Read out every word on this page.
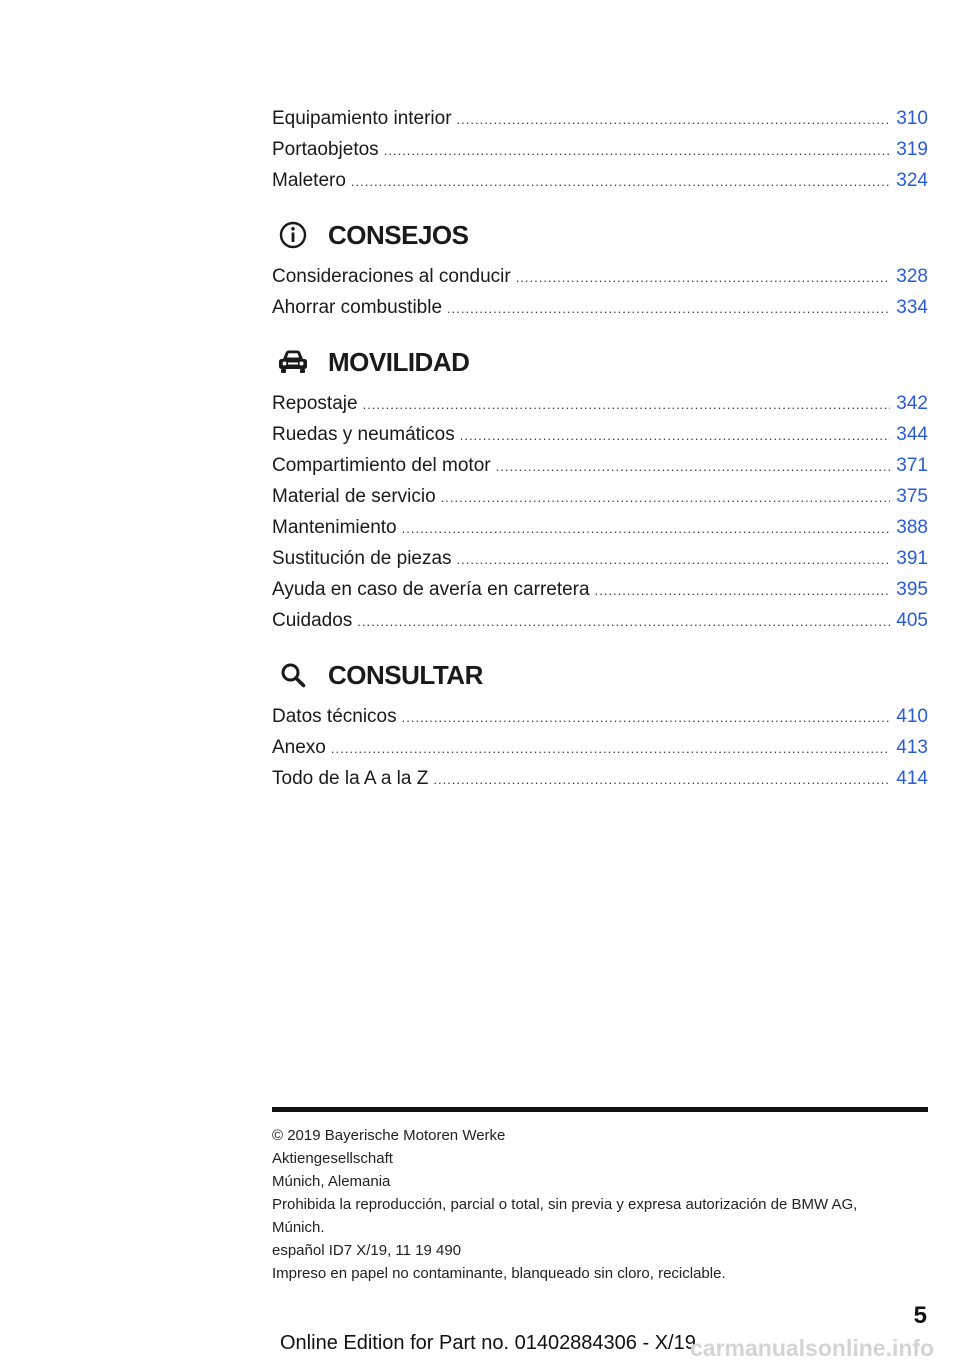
Equipamiento interior .....	310
Portaobjetos .....	319
Maletero .....	324
CONSEJOS
Consideraciones al conducir .....	328
Ahorrar combustible .....	334
MOVILIDAD
Repostaje .....	342
Ruedas y neumáticos .....	344
Compartimiento del motor .....	371
Material de servicio .....	375
Mantenimiento .....	388
Sustitución de piezas .....	391
Ayuda en caso de avería en carretera .....	395
Cuidados .....	405
CONSULTAR
Datos técnicos .....	410
Anexo .....	413
Todo de la A a la Z .....	414
© 2019 Bayerische Motoren Werke
Aktiengesellschaft
Múnich, Alemania
Prohibida la reproducción, parcial o total, sin previa y expresa autorización de BMW AG,
Múnich.
español ID7 X/19, 11 19 490
Impreso en papel no contaminante, blanqueado sin cloro, reciclable.
5
Online Edition for Part no. 01402884306 - X/19
carmanualsonline.info
